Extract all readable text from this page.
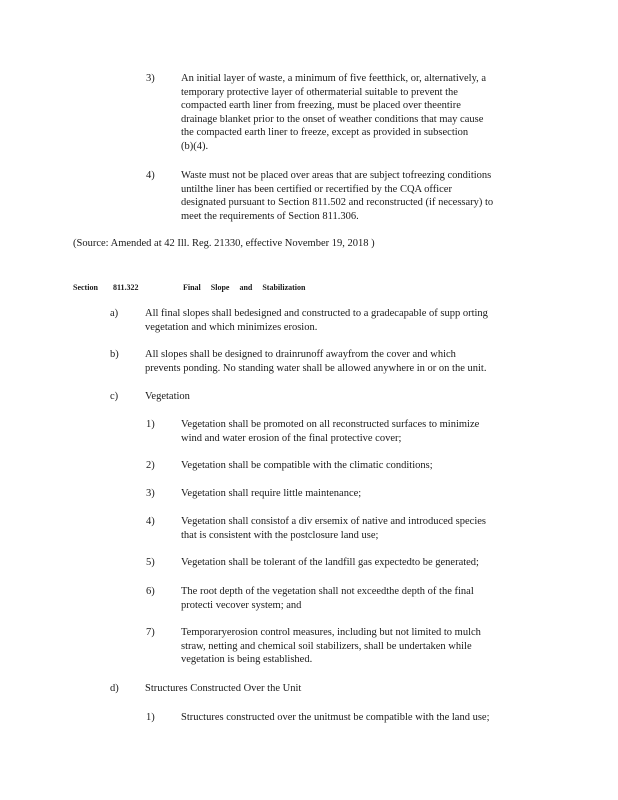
3)	An initial layer of waste, a minimum of five feetthick, or, alternatively, a
temporary protective layer of othermaterial suitable to prevent the
compacted earth liner from freezing, must be placed over theentire
drainage blanket prior to the onset of weather conditions that may cause
the compacted earth liner to freeze, except as provided in subsection
(b)(4).
4)	Waste must not be placed over areas that are subject tofreezing conditions
untilthe liner has been certified or recertified by the CQA officer
designated pursuant to Section 811.502 and reconstructed (if necessary) to
meet the requirements of Section 811.306.
(Source: Amended at 42 Ill. Reg. 21330, effective November 19, 2018 )
Section 811.322	Final Slope and Stabilization
a)	All final slopes shall bedesigned and constructed to a gradecapable of supp orting
vegetation and which minimizes erosion.
b)	All slopes shall be designed to drainrunoff awayfrom the cover and which
prevents ponding. No standing water shall be allowed anywhere in or on the unit.
c)	Vegetation
1)	Vegetation shall be promoted on all reconstructed surfaces to minimize
wind and water erosion of the final protective cover;
2)	Vegetation shall be compatible with the climatic conditions;
3)	Vegetation shall require little maintenance;
4)	Vegetation shall consistof a div ersemix of native and introduced species
that is consistent with the postclosure land use;
5)	Vegetation shall be tolerant of the landfill gas expectedto be generated;
6)	The root depth of the vegetation shall not exceedthe depth of the final
protecti vecover system; and
7)	Temporaryerosion control measures, including but not limited to mulch
straw, netting and chemical soil stabilizers, shall be undertaken while
vegetation is being established.
d)	Structures Constructed Over the Unit
1)	Structures constructed over the unitmust be compatible with the land use;
